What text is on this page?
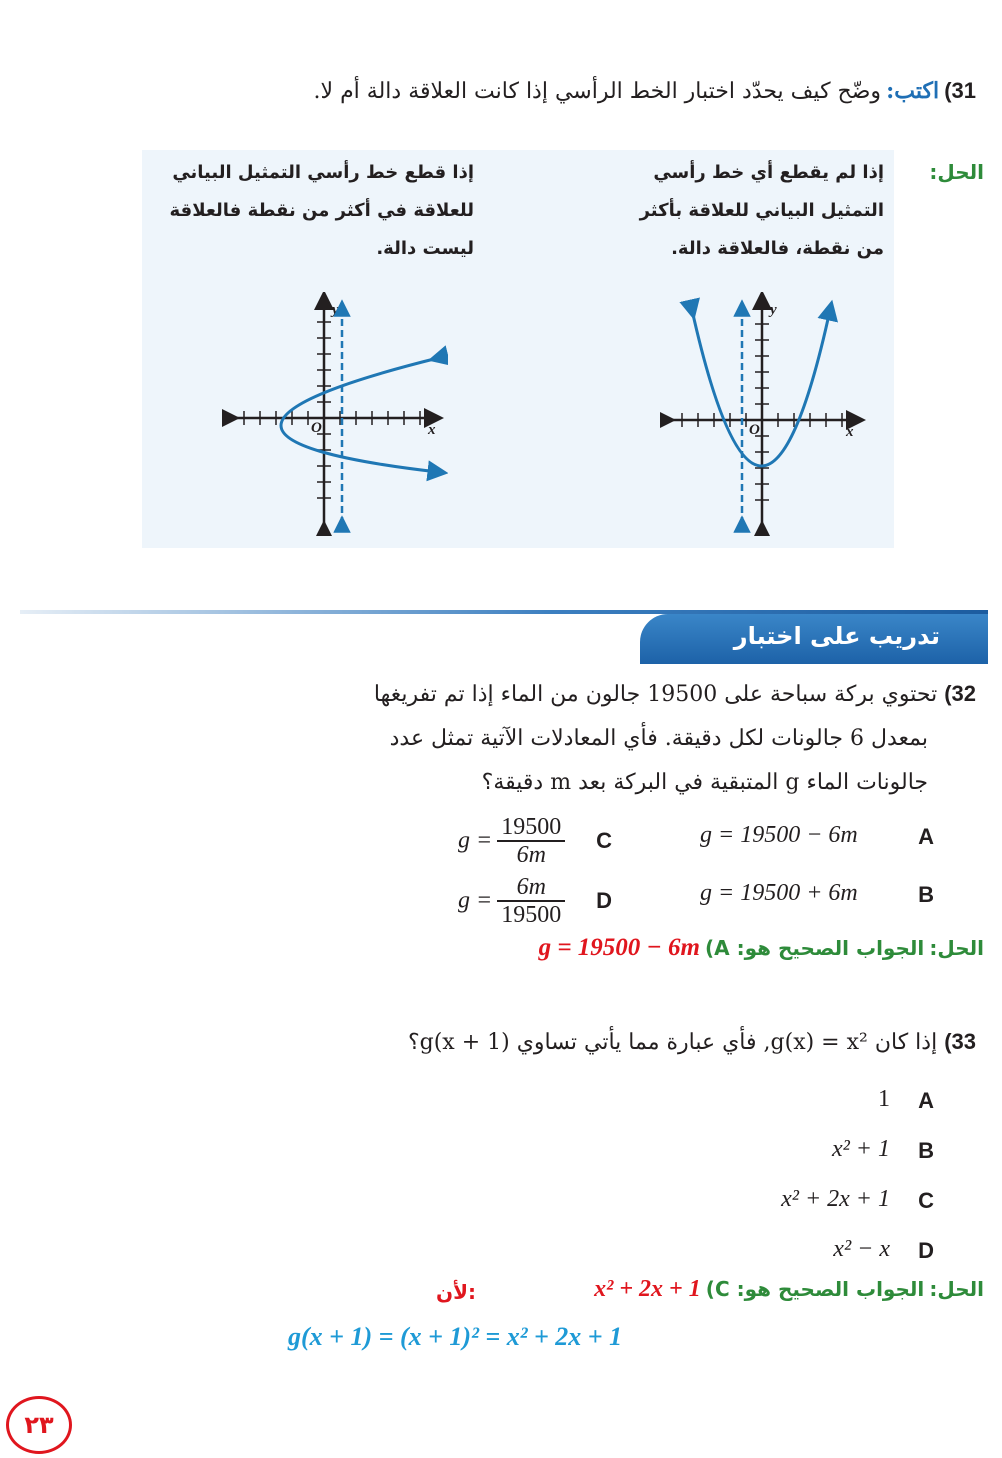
31) اكتب: وضّح كيف يحدّد اختبار الخط الرأسي إذا كانت العلاقة دالة أم لا.
الحل:
إذا لم يقطع أي خط رأسي
التمثيل البياني للعلاقة بأكثر
من نقطة، فالعلاقة دالة.
إذا قطع خط رأسي التمثيل البياني
للعلاقة في أكثر من نقطة فالعلاقة
ليست دالة.
y
x
O
y
x
O
تدريب على اختبار
32) تحتوي بركة سباحة على 19500 جالون من الماء إذا تم تفريغها
بمعدل 6 جالونات لكل دقيقة. فأي المعادلات الآتية تمثل عدد
جالونات الماء g المتبقية في البركة بعد m دقيقة؟
g = 19500 − 6m	A
g = 19500 + 6m	B
$g = \frac{19500}{6m}$ C
$g = \frac{6m}{19500}$ D
الحل: الجواب الصحيح هو: A) g = 19500 − 6m
33) إذا كان g(x) = x², فأي عبارة مما يأتي تساوي g(x + 1)؟
1 A
x² + 1 B
x² + 2x + 1 C
x² − x D
الحل: الجواب الصحيح هو: C) x² + 2x + 1
لأن:
g(x + 1) = (x + 1)² = x² + 2x + 1
٢٣
